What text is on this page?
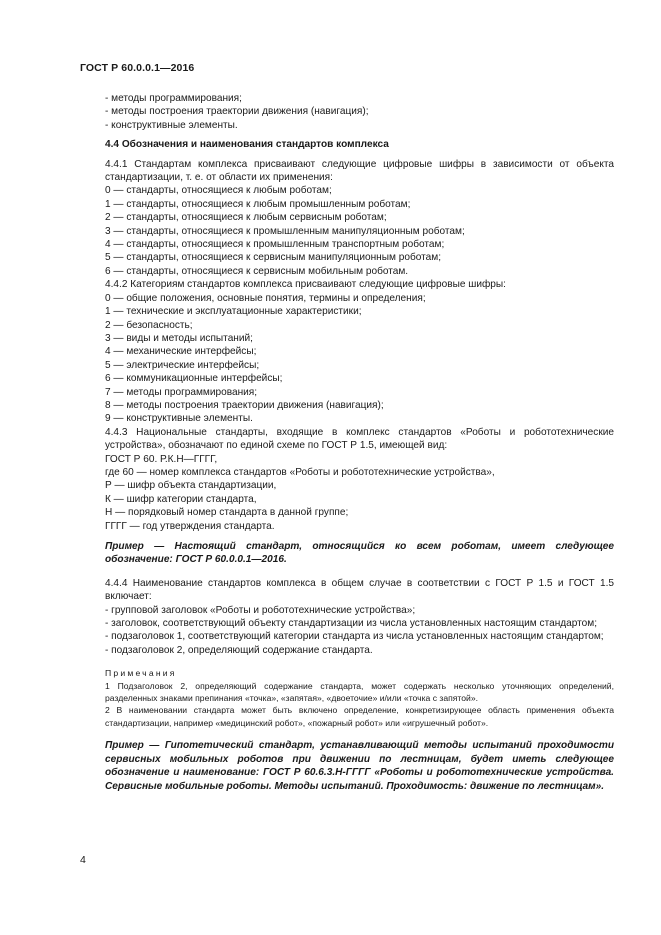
ГОСТ Р 60.0.0.1—2016

- методы программирования;

- методы построения траектории движения (навигация);

- конструктивные элементы.

4.4 Обозначения и наименования стандартов комплекса

4.4.1 Стандартам комплекса присваивают следующие цифровые шифры в зависимости от объекта стандартизации, т. е. от области их применения:

0 — стандарты, относящиеся к любым роботам;

1 — стандарты, относящиеся к любым промышленным роботам;

2 — стандарты, относящиеся к любым сервисным роботам;

3 — стандарты, относящиеся к промышленным манипуляционным роботам;

4 — стандарты, относящиеся к промышленным транспортным роботам;

5 — стандарты, относящиеся к сервисным манипуляционным роботам;

6 — стандарты, относящиеся к сервисным мобильным роботам.

4.4.2 Категориям стандартов комплекса присваивают следующие цифровые шифры:

0 — общие положения, основные понятия, термины и определения;

1 — технические и эксплуатационные характеристики;

2 — безопасность;

3 — виды и методы испытаний;

4 — механические интерфейсы;

5 — электрические интерфейсы;

6 — коммуникационные интерфейсы;

7 — методы программирования;

8 — методы построения траектории движения (навигация);

9 — конструктивные элементы.

4.4.3 Национальные стандарты, входящие в комплекс стандартов «Роботы и робототехнические устройства», обозначают по единой схеме по ГОСТ Р 1.5, имеющей вид:

ГОСТ Р 60. Р.К.Н—ГГГГ,

где 60 — номер комплекса стандартов «Роботы и робототехнические устройства»,

Р — шифр объекта стандартизации,

К — шифр категории стандарта,

Н — порядковый номер стандарта в данной группе;

ГГГГ — год утверждения стандарта.

Пример — Настоящий стандарт, относящийся ко всем роботам, имеет следующее обозначение: ГОСТ Р 60.0.0.1—2016.

4.4.4 Наименование стандартов комплекса в общем случае в соответствии с ГОСТ Р 1.5 и ГОСТ 1.5 включает:

- групповой заголовок «Роботы и робототехнические устройства»;

- заголовок, соответствующий объекту стандартизации из числа установленных настоящим стандартом;

- подзаголовок 1, соответствующий категории стандарта из числа установленных настоящим стандартом;

- подзаголовок 2, определяющий содержание стандарта.

Примечания

1 Подзаголовок 2, определяющий содержание стандарта, может содержать несколько уточняющих определений, разделенных знаками препинания «точка», «запятая», «двоеточие» и/или «точка с запятой».

2 В наименовании стандарта может быть включено определение, конкретизирующее область применения объекта стандартизации, например «медицинский робот», «пожарный робот» или «игрушечный робот».

Пример — Гипотетический стандарт, устанавливающий методы испытаний проходимости сервисных мобильных роботов при движении по лестницам, будет иметь следующее обозначение и наименование: ГОСТ Р 60.6.3.Н-ГГГГ «Роботы и робототехнические устройства. Сервисные мобильные роботы. Методы испытаний. Проходимость: движение по лестницам».

4
